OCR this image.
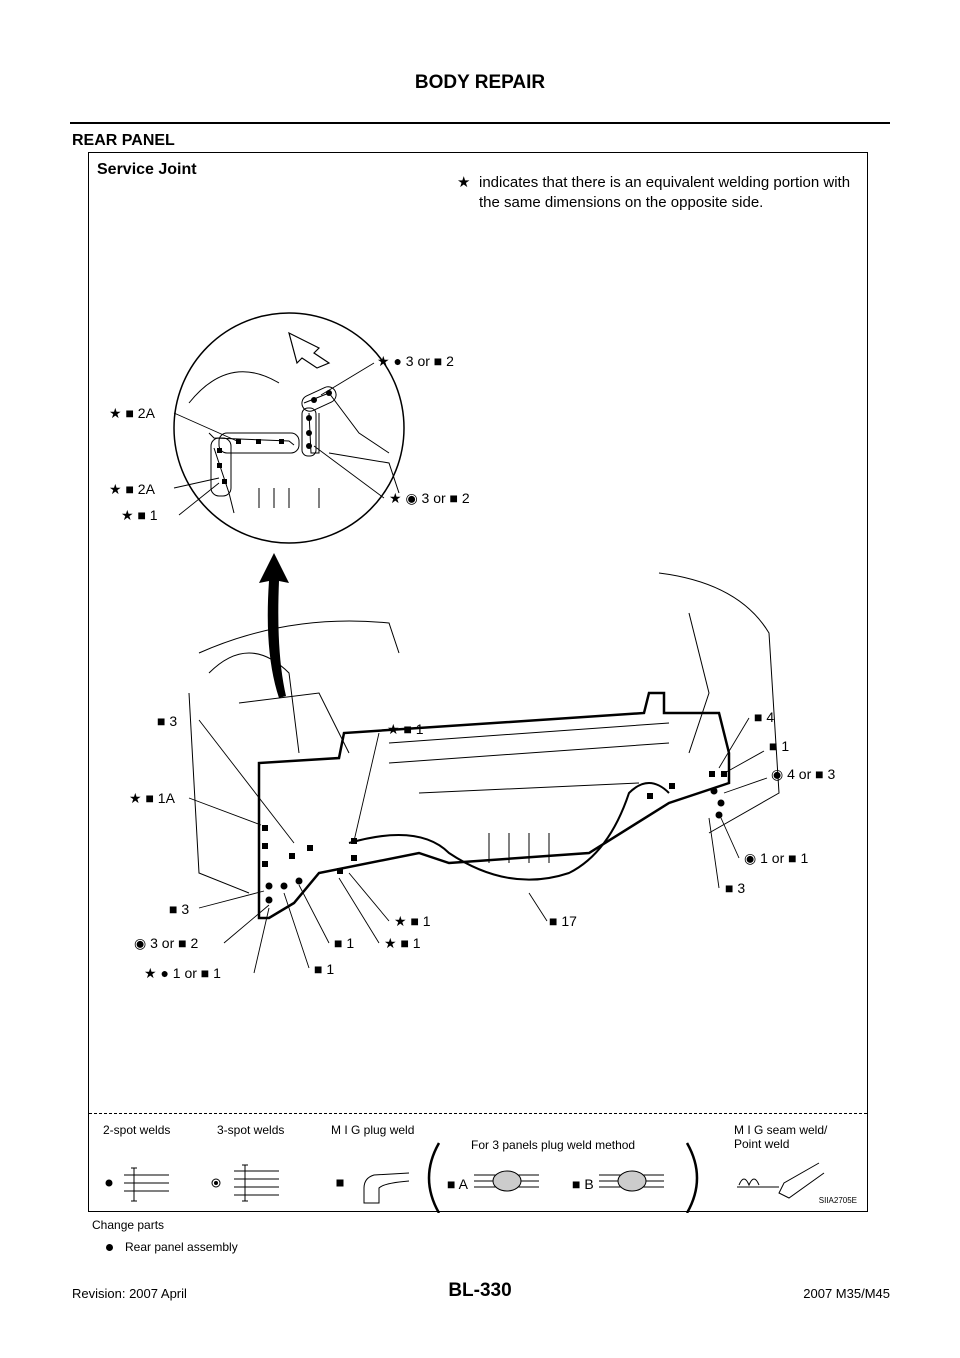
BODY REPAIR
REAR PANEL
Service Joint
★ indicates that there is an equivalent welding portion with the same dimensions on the opposite side.
★ ● 3 or ■ 2
★ ■ 2A
★ ■ 2A
★ ■ 1
★ ◉ 3 or ■ 2
■ 3	★ ■ 1
■ 4
■ 1
◉ 4 or ■ 3
★ ■ 1A
◉ 1 or ■ 1
■ 3
■ 3
★ ■ 1	■ 17
◉ 3 or ■ 2	■ 1 ★ ■ 1
★ ● 1 or ■ 1	■ 1
2-spot welds	3-spot welds	M I G plug weld
For 3 panels plug weld method
M I G seam weld/
Point weld
■ A	■ B
SIIA2705E
Change parts
Rear panel assembly
Revision: 2007 April	BL-330	2007 M35/M45
